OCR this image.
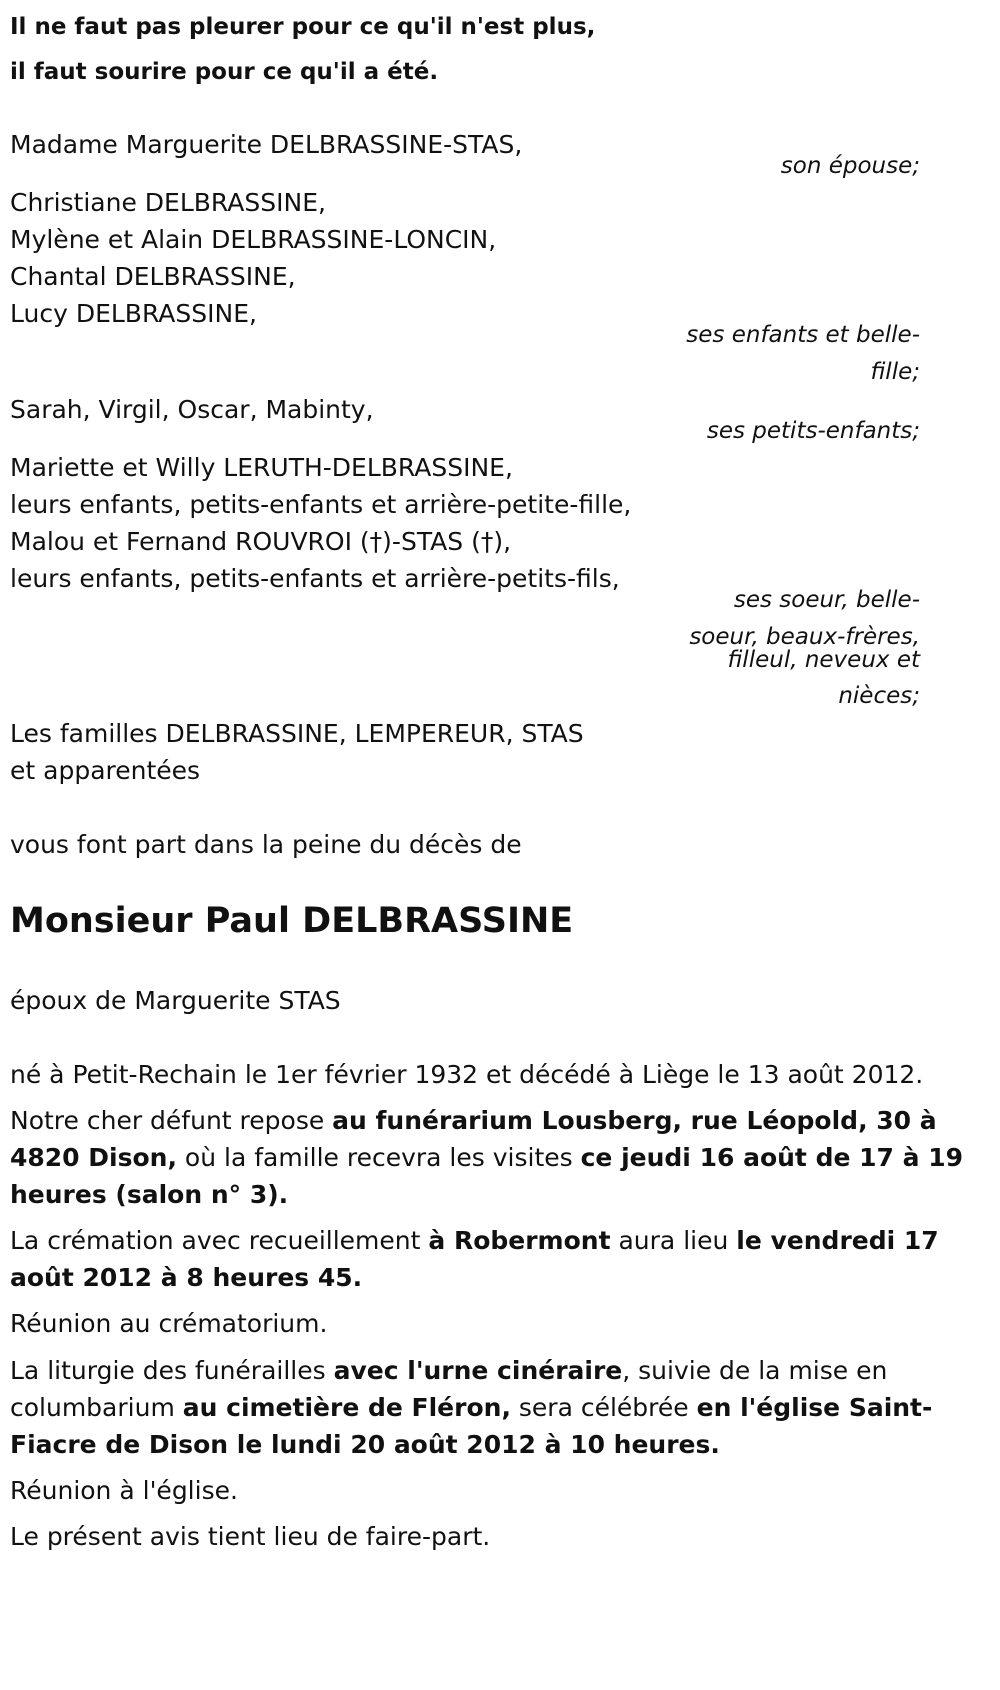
Il ne faut pas pleurer pour ce qu'il n'est plus,

il faut sourire pour ce qu'il a été.

Madame Marguerite DELBRASSINE-STAS,

son épouse;

Christiane DELBRASSINE,

Mylène et Alain DELBRASSINE-LONCIN,

Chantal DELBRASSINE,

Lucy DELBRASSINE,

ses enfants et belle-

fille;

Sarah, Virgil, Oscar, Mabinty,

ses petits-enfants;

Mariette et Willy LERUTH-DELBRASSINE,

leurs enfants, petits-enfants et arrière-petite-fille,

Malou et Fernand ROUVROI (†)-STAS (†),

leurs enfants, petits-enfants et arrière-petits-fils,

ses soeur, belle-

soeur, beaux-frères,

filleul, neveux et

nièces;

Les familles DELBRASSINE, LEMPEREUR, STAS

et apparentées

vous font part dans la peine du décès de

Monsieur Paul DELBRASSINE

époux de Marguerite STAS

né à Petit-Rechain le 1er février 1932 et décédé à Liège le 13 août 2012.

Notre cher défunt repose au funérarium Lousberg, rue Léopold, 30 à

4820 Dison, où la famille recevra les visites ce jeudi 16 août de 17 à 19

heures (salon n° 3).

La crémation avec recueillement à Robermont aura lieu le vendredi 17

août 2012 à 8 heures 45.

Réunion au crématorium.

La liturgie des funérailles avec l'urne cinéraire, suivie de la mise en

columbarium au cimetière de Fléron, sera célébrée en l'église Saint-

Fiacre de Dison le lundi 20 août 2012 à 10 heures.

Réunion à l'église.

Le présent avis tient lieu de faire-part.
